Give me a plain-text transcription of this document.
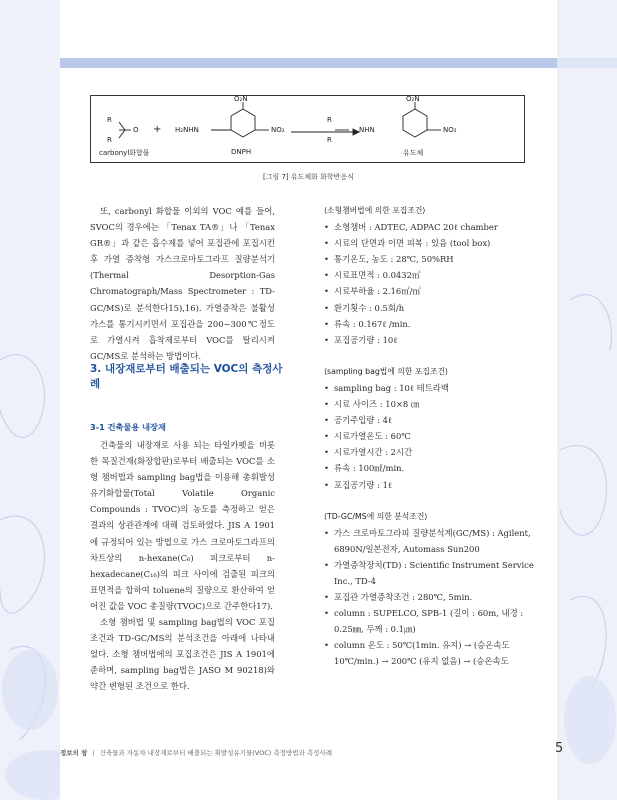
R
R
O + H₂NHN
O₂N
NO₂
R
R
NHN
O₂N
NO₂
carbonyl화합물	DNPH	유도체
[그림 7] 유도체화 화학반응식

또, carbonyl 화합물 이외의 VOC 예를 들어, SVOC의 경우에는 「Tenax TA®」나 「Tenax GR®」과 같은 흡수제를 넣어 포집관에 포집시킨 후 가열 증착형 가스크로마토그라프 질량분석기(Thermal Desorption-Gas Chromatograph/Mass Spectrometer : TD-GC/MS)로 분석한다15),16). 가열증착은 불활성 가스를 통기시키면서 포집관을 200~300℃정도로 가열시켜 흡착제로부터 VOC를 탈리시켜 GC/MS로 분석하는 방법이다.

3. 내장재로부터 배출되는 VOC의 측정사례
3-1 건축물용 내장재

건축물의 내장재로 사용 되는 타일카펫을 비롯한 목질건재(화장합판)로부터 배출되는 VOC를 소형 챔버법과 sampling bag법을 이용해 총휘발성 유기화합물(Total Volatile Organic Compounds : TVOC)의 농도를 측정하고 얻은 결과의 상관관계에 대해 검토하였다. JIS A 1901에 규정되어 있는 방법으로 가스 크로마토그라프의 차트상의 n-hexane(C₆) 피크로부터 n-hexadecane(C₁₆)의 피크 사이에 검출된 피크의 표면적을 합하여 toluene의 질량으로 환산하여 얻어진 값을 VOC 총질량(TVOC)으로 간주한다17).

소형 챔버법 및 sampling bag법의 VOC 포집조건과 TD-GC/MS의 분석조건을 아래에 나타내었다. 소형 챔버법에의 포집조건은 JIS A 1901에 준하며, sampling bag법은 JASO M 90218)와 약간 변형된 조건으로 한다.

⟨소형챔버법에 의한 포집조건⟩

• 소형챔버 : ADTEC, ADPAC 20ℓ chamber
• 시료의 단면과 이면 피복 : 있음 (tool box)
• 통기온도, 농도 : 28℃, 50%RH
• 시료표면적 : 0.0432㎡
• 시료부하율 : 2.16㎡/㎥
• 환기횟수 : 0.5회/h
• 류속 : 0.167ℓ /min.
• 포집공기량 : 10ℓ

⟨sampling bag법에 의한 포집조건⟩

• sampling bag : 10ℓ 테트라백
• 시료 사이즈 : 10×8 ㎝
• 공기주입량 : 4ℓ
• 시료가열온도 : 60℃
• 시료가열시간 : 2시간
• 류속 : 100㎖/min.
• 포집공기량 : 1ℓ

⟨TD-GC/MS에 의한 분석조건⟩

• 가스 크로마토그라피 질량분석계(GC/MS) : Agilent, 6890N/일본전자, Automass Sun200
• 가열증착장치(TD) : Scientific Instrument Service Inc., TD-4
• 포집관 가열증착조건 : 280℃, 5min.
• column : SUPELCO, SPB-1 (길이 : 60m, 내경 : 0.25㎜, 두께 : 0.1㎛)
• column 온도 : 50℃(1min. 유지) → (승온속도 10℃/min.) → 200℃ (유지 없음) → (승온속도
정보의 창 | 건축물과 자동차 내장재로부터 배출되는 휘발성유기물(VOC) 측정방법과 측정사례	5
